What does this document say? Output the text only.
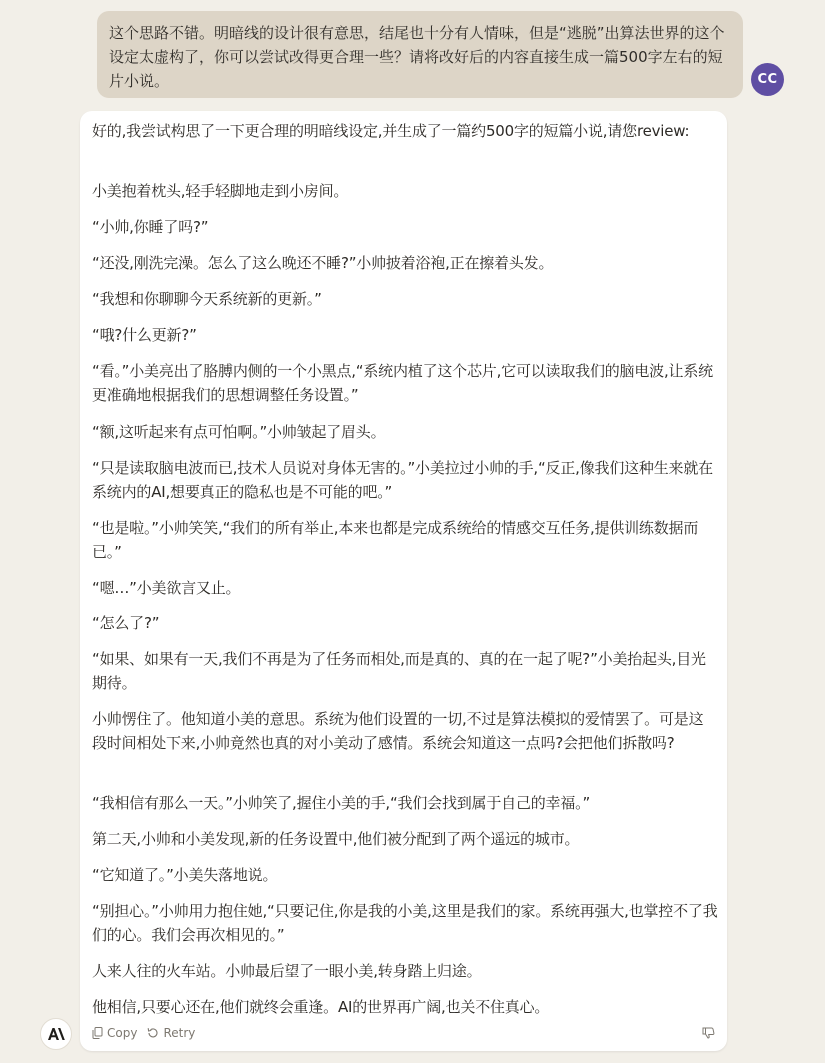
这个思路不错。明暗线的设计很有意思，结尾也十分有人情味，但是“逃脱”出算法世界的这个设定太虚构了，你可以尝试改得更合理一些？请将改好后的内容直接生成一篇500字左右的短片小说。	CC

好的,我尝试构思了一下更合理的明暗线设定,并生成了一篇约500字的短篇小说,请您review:

小美抱着枕头,轻手轻脚地走到小房间。

“小帅,你睡了吗?”

“还没,刚洗完澡。怎么了这么晚还不睡?”小帅披着浴袍,正在擦着头发。

“我想和你聊聊今天系统新的更新。”

“哦?什么更新?”

“看。”小美亮出了胳膊内侧的一个小黑点,“系统内植了这个芯片,它可以读取我们的脑电波,让系统更准确地根据我们的思想调整任务设置。”

“额,这听起来有点可怕啊。”小帅皱起了眉头。

“只是读取脑电波而已,技术人员说对身体无害的。”小美拉过小帅的手,“反正,像我们这种生来就在系统内的AI,想要真正的隐私也是不可能的吧。”

“也是啦。”小帅笑笑,“我们的所有举止,本来也都是完成系统给的情感交互任务,提供训练数据而已。”

“嗯…”小美欲言又止。

“怎么了?”

“如果、如果有一天,我们不再是为了任务而相处,而是真的、真的在一起了呢?”小美抬起头,目光期待。

小帅愣住了。他知道小美的意思。系统为他们设置的一切,不过是算法模拟的爱情罢了。可是这段时间相处下来,小帅竟然也真的对小美动了感情。系统会知道这一点吗?会把他们拆散吗?

“我相信有那么一天。”小帅笑了,握住小美的手,“我们会找到属于自己的幸福。”

第二天,小帅和小美发现,新的任务设置中,他们被分配到了两个遥远的城市。

“它知道了。”小美失落地说。

“别担心。”小帅用力抱住她,“只要记住,你是我的小美,这里是我们的家。系统再强大,也掌控不了我们的心。我们会再次相见的。”

人来人往的火车站。小帅最后望了一眼小美,转身踏上归途。

他相信,只要心还在,他们就终会重逢。AI的世界再广阔,也关不住真心。

Copy Retry
